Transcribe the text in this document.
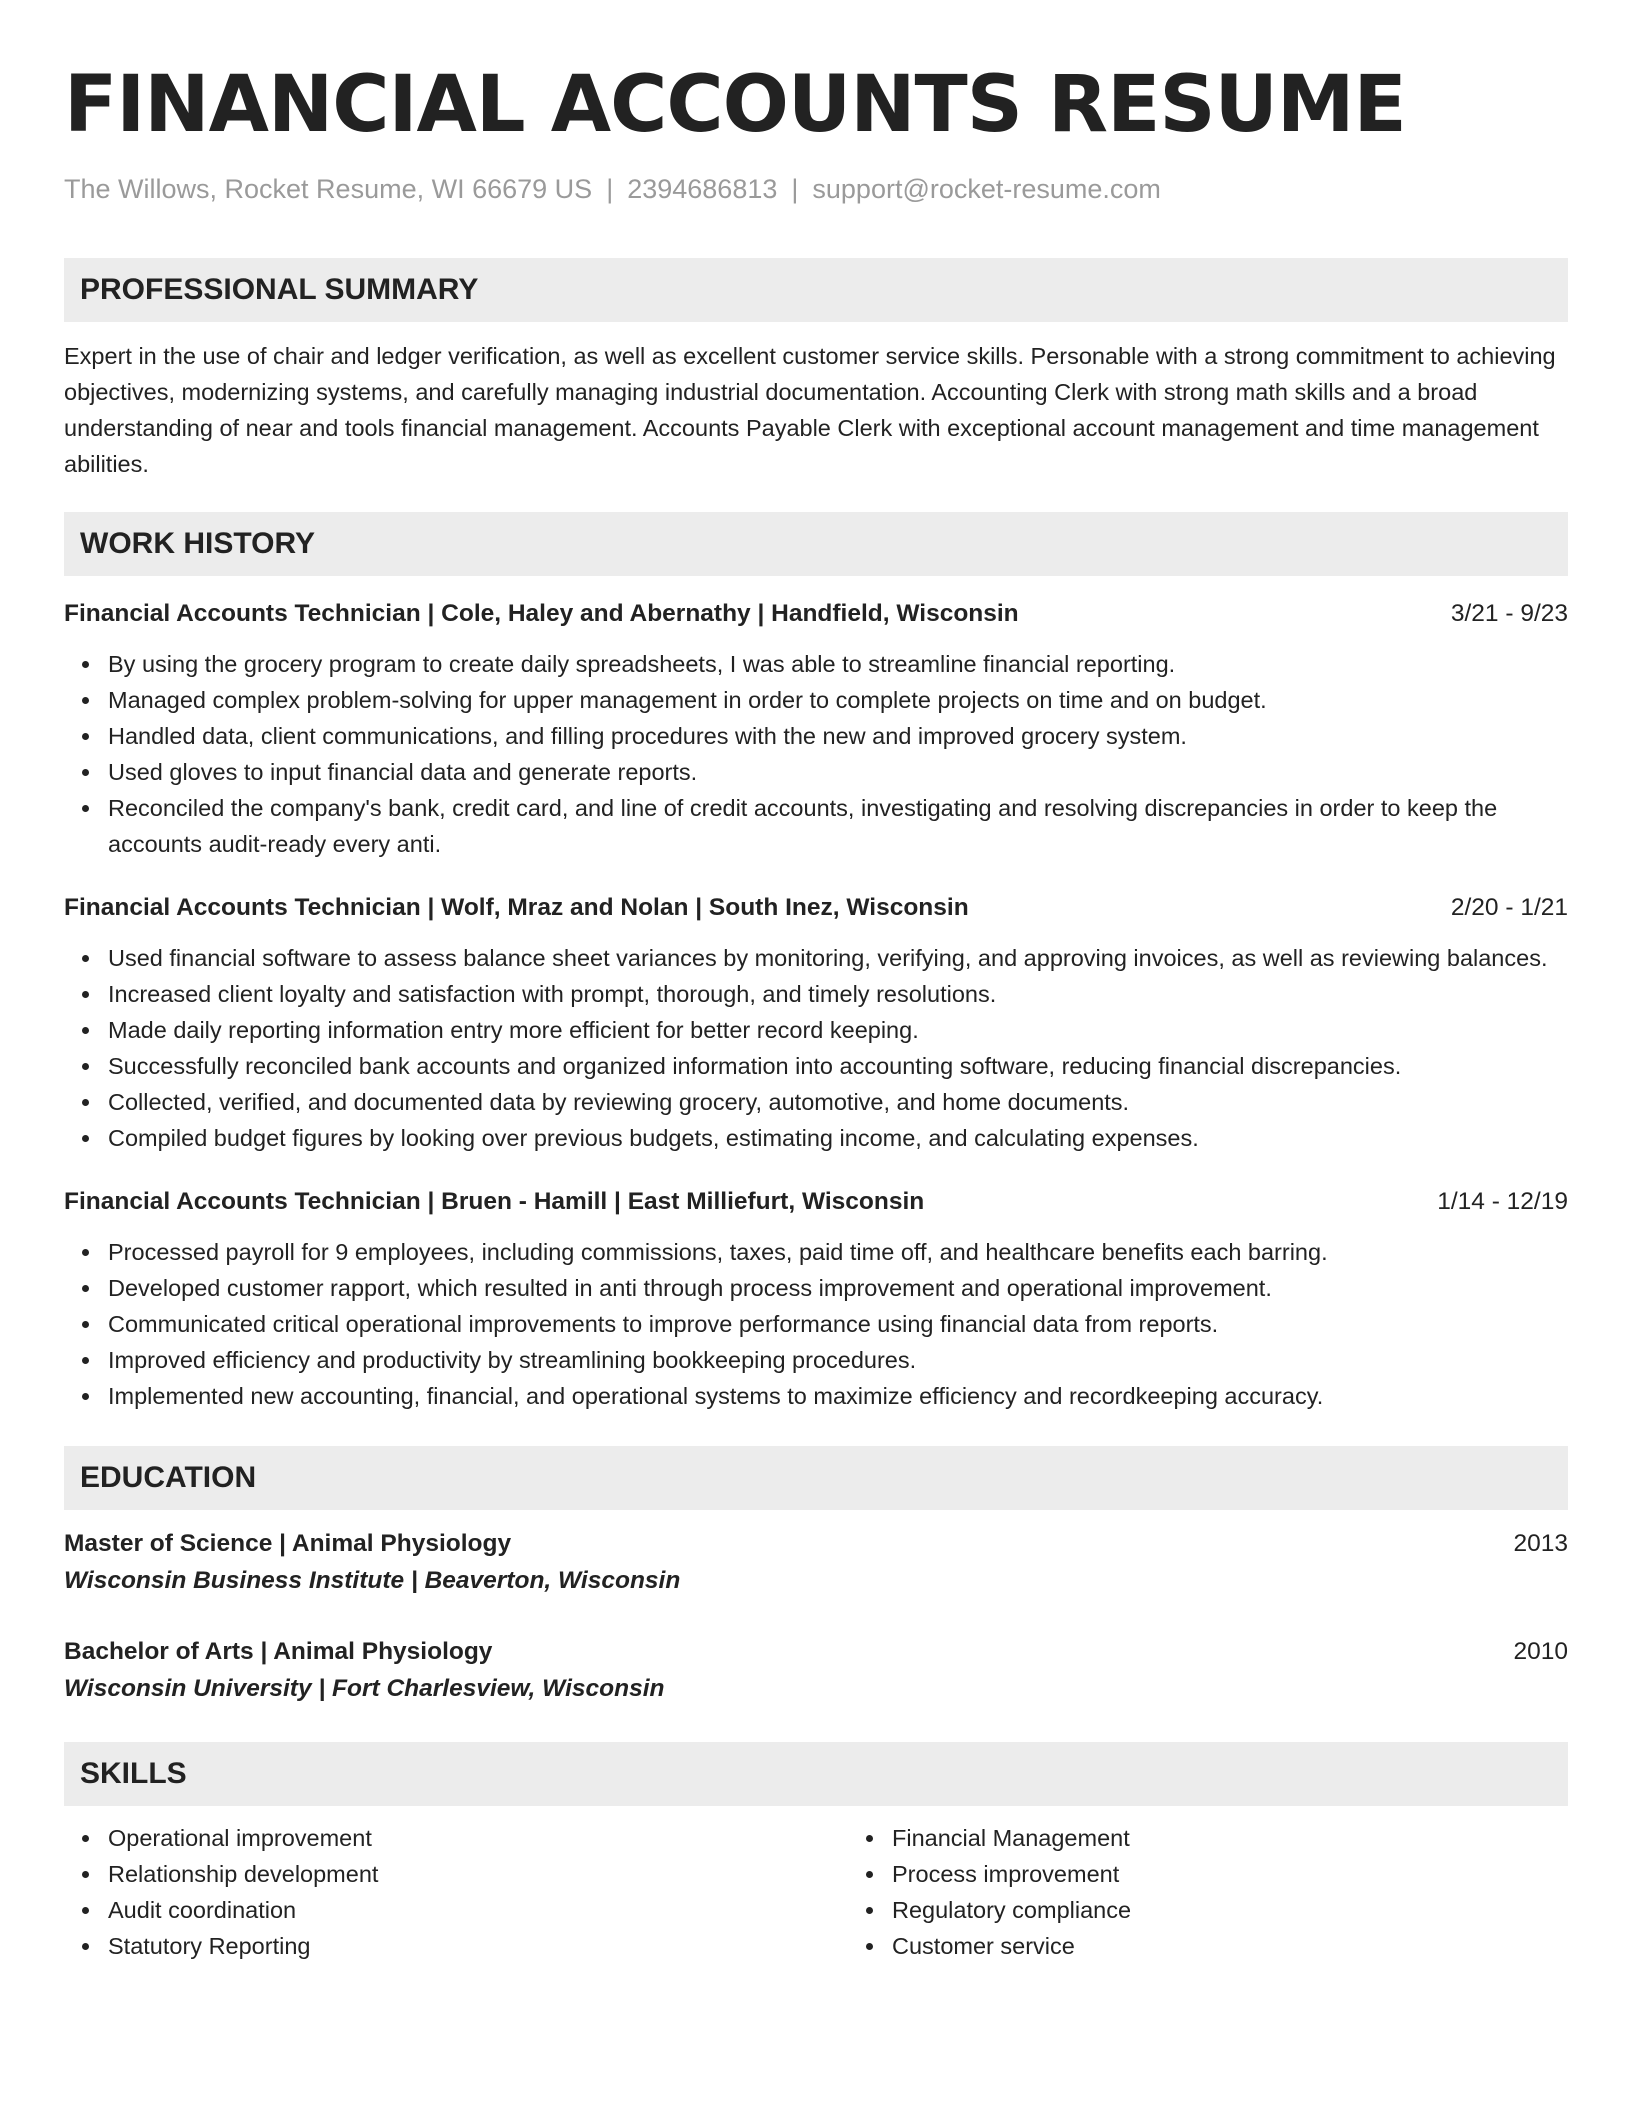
FINANCIAL ACCOUNTS RESUME
The Willows, Rocket Resume, WI 66679 US | 2394686813 | support@rocket-resume.com
PROFESSIONAL SUMMARY

Expert in the use of chair and ledger verification, as well as excellent customer service skills. Personable with a strong commitment to achieving objectives, modernizing systems, and carefully managing industrial documentation. Accounting Clerk with strong math skills and a broad understanding of near and tools financial management. Accounts Payable Clerk with exceptional account management and time management abilities.

WORK HISTORY
Financial Accounts Technician | Cole, Haley and Abernathy | Handfield, Wisconsin	3/21 - 9/23
By using the grocery program to create daily spreadsheets, I was able to streamline financial reporting.
Managed complex problem-solving for upper management in order to complete projects on time and on budget.
Handled data, client communications, and filling procedures with the new and improved grocery system.
Used gloves to input financial data and generate reports.
Reconciled the company's bank, credit card, and line of credit accounts, investigating and resolving discrepancies in order to keep the accounts audit-ready every anti.
Financial Accounts Technician | Wolf, Mraz and Nolan | South Inez, Wisconsin	2/20 - 1/21
Used financial software to assess balance sheet variances by monitoring, verifying, and approving invoices, as well as reviewing balances.
Increased client loyalty and satisfaction with prompt, thorough, and timely resolutions.
Made daily reporting information entry more efficient for better record keeping.
Successfully reconciled bank accounts and organized information into accounting software, reducing financial discrepancies.
Collected, verified, and documented data by reviewing grocery, automotive, and home documents.
Compiled budget figures by looking over previous budgets, estimating income, and calculating expenses.
Financial Accounts Technician | Bruen - Hamill | East Milliefurt, Wisconsin	1/14 - 12/19
Processed payroll for 9 employees, including commissions, taxes, paid time off, and healthcare benefits each barring.
Developed customer rapport, which resulted in anti through process improvement and operational improvement.
Communicated critical operational improvements to improve performance using financial data from reports.
Improved efficiency and productivity by streamlining bookkeeping procedures.
Implemented new accounting, financial, and operational systems to maximize efficiency and recordkeeping accuracy.
EDUCATION
Master of Science | Animal Physiology	2013
Wisconsin Business Institute | Beaverton, Wisconsin
Bachelor of Arts | Animal Physiology	2010
Wisconsin University | Fort Charlesview, Wisconsin
SKILLS
Operational improvement
Relationship development
Audit coordination
Statutory Reporting
Financial Management
Process improvement
Regulatory compliance
Customer service
